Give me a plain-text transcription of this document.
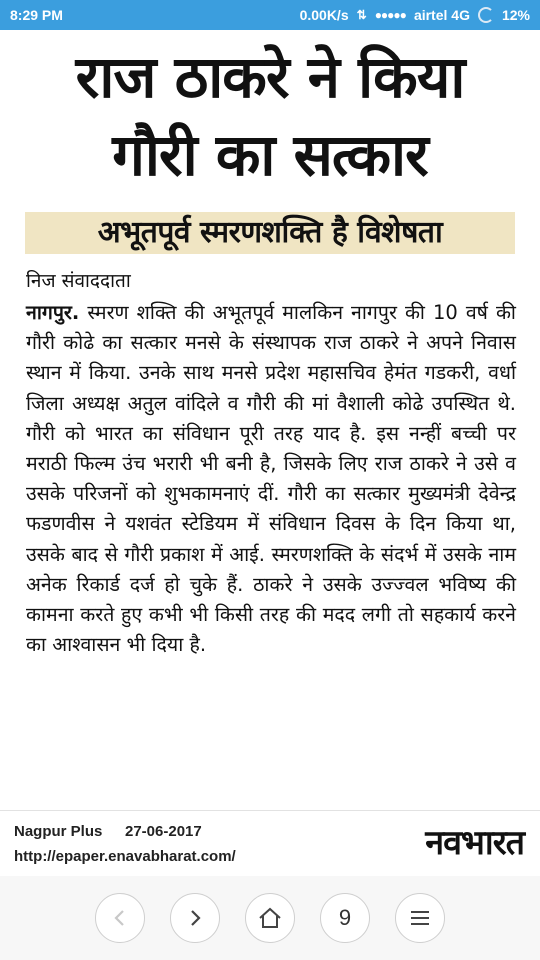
8:29 PM	0.00K/s ⇅ ●●●●● airtel 4G 12%
राज ठाकरे ने किया
गौरी का सत्कार
अभूतपूर्व स्मरणशक्ति है विशेषता
निज संवाददाता
नागपुर. स्मरण शक्ति की अभूतपूर्व मालकिन नागपुर की 10 वर्ष की गौरी कोढे का सत्कार मनसे के संस्थापक राज ठाकरे ने अपने निवास स्थान में किया. उनके साथ मनसे प्रदेश महासचिव हेमंत गडकरी, वर्धा जिला अध्यक्ष अतुल वांदिले व गौरी की मां वैशाली कोढे उपस्थित थे. गौरी को भारत का संविधान पूरी तरह याद है. इस नन्हीं बच्ची पर मराठी फिल्म उंच भरारी भी बनी है, जिसके लिए राज ठाकरे ने उसे व उसके परिजनों को शुभकामनाएं दीं. गौरी का सत्कार मुख्यमंत्री देवेन्द्र फडणवीस ने यशवंत स्टेडियम में संविधान दिवस के दिन किया था, उसके बाद से गौरी प्रकाश में आई. स्मरणशक्ति के संदर्भ में उसके नाम अनेक रिकार्ड दर्ज हो चुके हैं. ठाकरे ने उसके उज्ज्वल भविष्य की कामना करते हुए कभी भी किसी तरह की मदद लगी तो सहकार्य करने का आश्वासन भी दिया है.
Nagpur Plus 27-06-2017
http://epaper.enavabharat.com/	नवभारत
9
